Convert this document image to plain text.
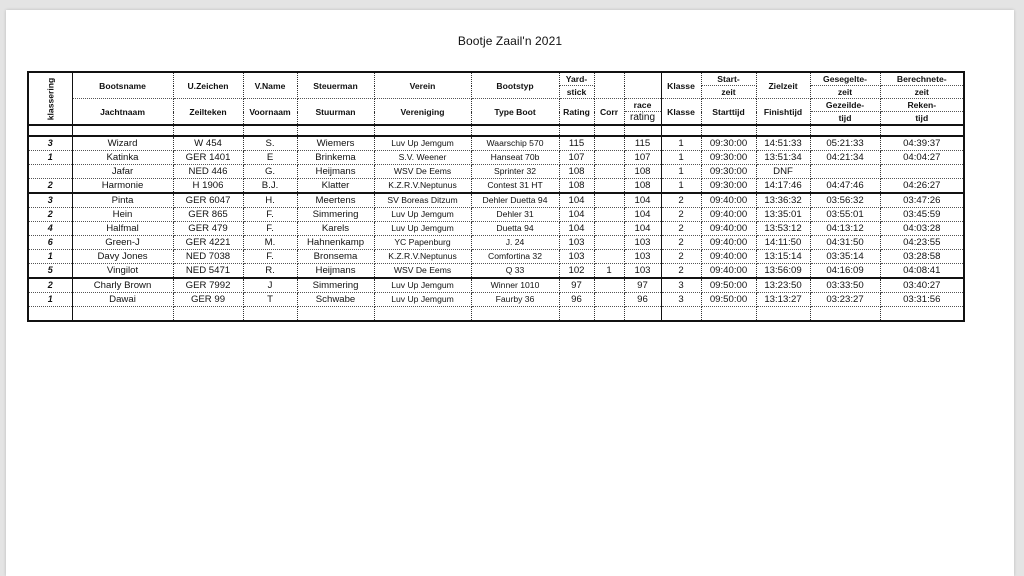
Bootje Zaail'n 2021
klassering	Bootsname	U.Zeichen	V.Name	Steuerman	Verein	Bootstyp	Yard-			Klasse	Start-	Zielzeit	Gesegelte-	Berechnete-
							stick				zeit		zeit	zeit
	Jachtnaam	Zeilteken	Voornaam	Stuurman	Vereniging	Type Boot	Rating	Corr	race	Klasse	Starttijd	Finishtijd	Gezeilde-	Reken-
									rating				tijd	tijd

3	Wizard	W 454	S.	Wiemers	Luv Up Jemgum	Waarschip 570	115		115	1	09:30:00	14:51:33	05:21:33	04:39:37
1	Katinka	GER 1401	E	Brinkema	S.V. Weener	Hanseat 70b	107		107	1	09:30:00	13:51:34	04:21:34	04:04:27
	Jafar	NED 446	G.	Heijmans	WSV De Eems	Sprinter 32	108		108	1	09:30:00	DNF		
2	Harmonie	H 1906	B.J.	Klatter	K.Z.R.V.Neptunus	Contest 31 HT	108		108	1	09:30:00	14:17:46	04:47:46	04:26:27
3	Pinta	GER 6047	H.	Meertens	SV Boreas Ditzum	Dehler Duetta 94	104		104	2	09:40:00	13:36:32	03:56:32	03:47:26
2	Hein	GER 865	F.	Simmering	Luv Up Jemgum	Dehler 31	104		104	2	09:40:00	13:35:01	03:55:01	03:45:59
4	Halfmal	GER 479	F.	Karels	Luv Up Jemgum	Duetta 94	104		104	2	09:40:00	13:53:12	04:13:12	04:03:28
6	Green-J	GER 4221	M.	Hahnenkamp	YC Papenburg	J. 24	103		103	2	09:40:00	14:11:50	04:31:50	04:23:55
1	Davy Jones	NED 7038	F.	Bronsema	K.Z.R.V.Neptunus	Comfortina 32	103		103	2	09:40:00	13:15:14	03:35:14	03:28:58
5	Vingilot	NED 5471	R.	Heijmans	WSV De Eems	Q 33	102	1	103	2	09:40:00	13:56:09	04:16:09	04:08:41
2	Charly Brown	GER 7992	J	Simmering	Luv Up Jemgum	Winner 1010	97		97	3	09:50:00	13:23:50	03:33:50	03:40:27
1	Dawai	GER 99	T	Schwabe	Luv Up Jemgum	Faurby 36	96		96	3	09:50:00	13:13:27	03:23:27	03:31:56
